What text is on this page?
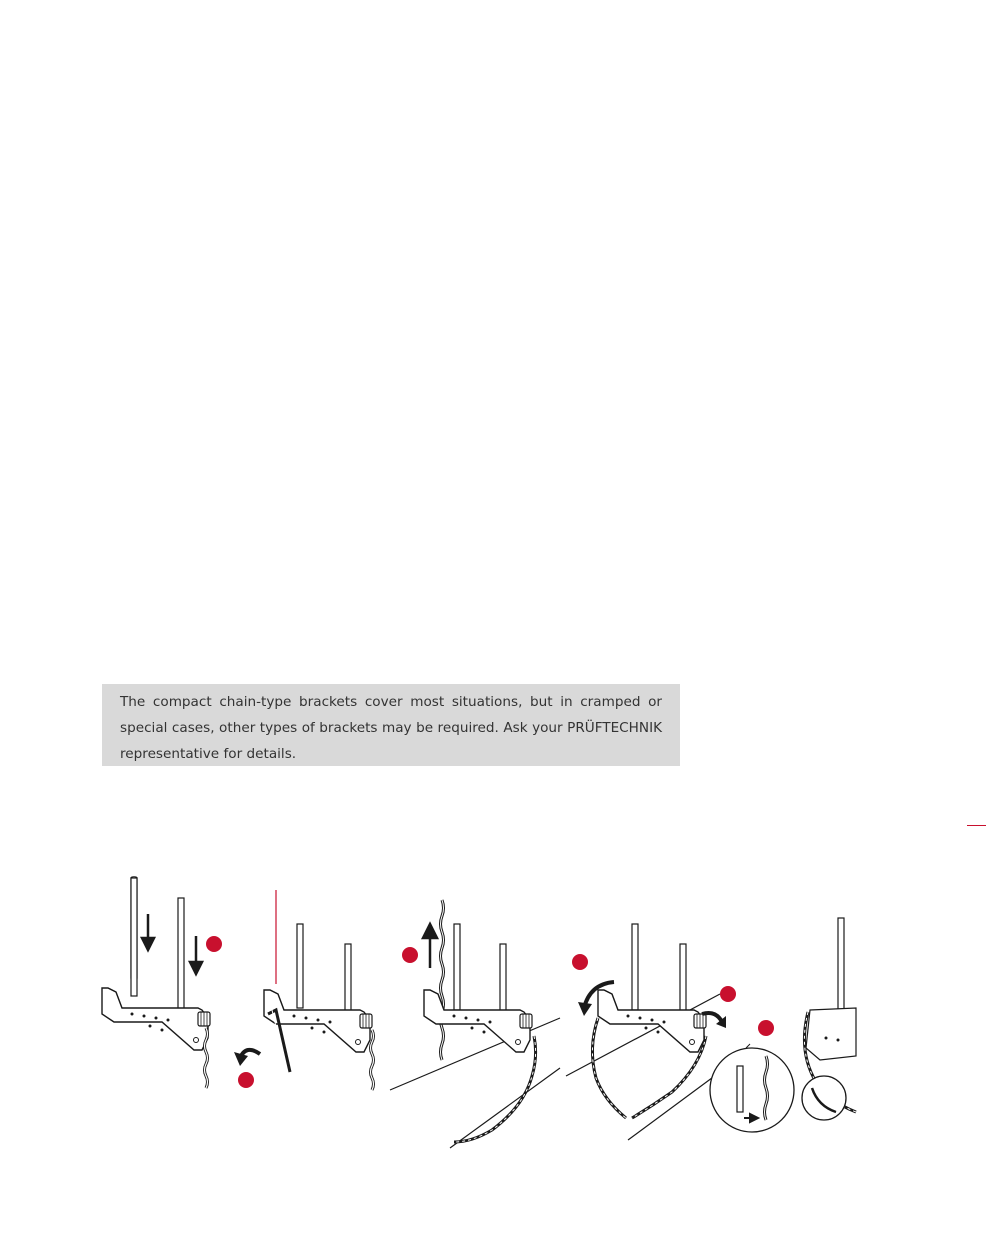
The compact chain-type brackets cover most situations, but in cramped or special cases, other types of brackets may be required. Ask your PRÜFTECHNIK representative for details.
